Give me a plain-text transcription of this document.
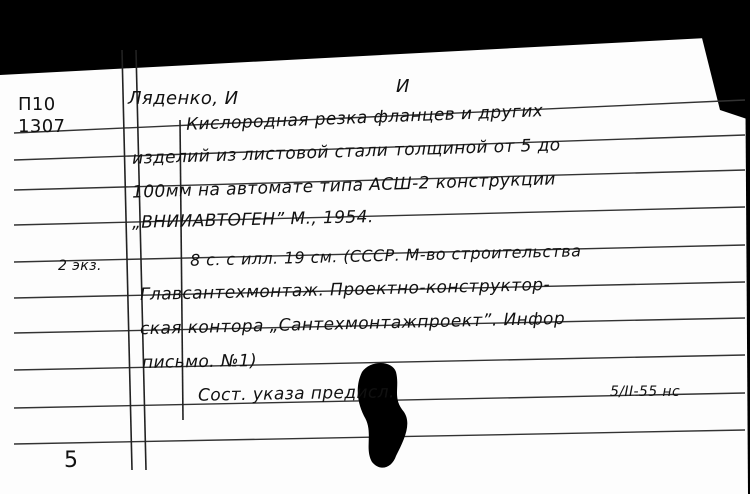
П10
1307
Ляденко, И
И
Кислородная резка фланцев и других
изделий из листовой стали толщиной от 5 до
100мм на автомате типа АСШ-2 конструкции
„ВНИИАВТОГЕН” М., 1954.
8 с. с илл. 19 см. (СССР. М-во строительства
Главсантехмонтаж. Проектно-конструктор-
ская контора „Сантехмонтажпроект”. Инфор
письмо. №1)
Сост. указа предисл.
2 экз.
5/II-55 нс
5
